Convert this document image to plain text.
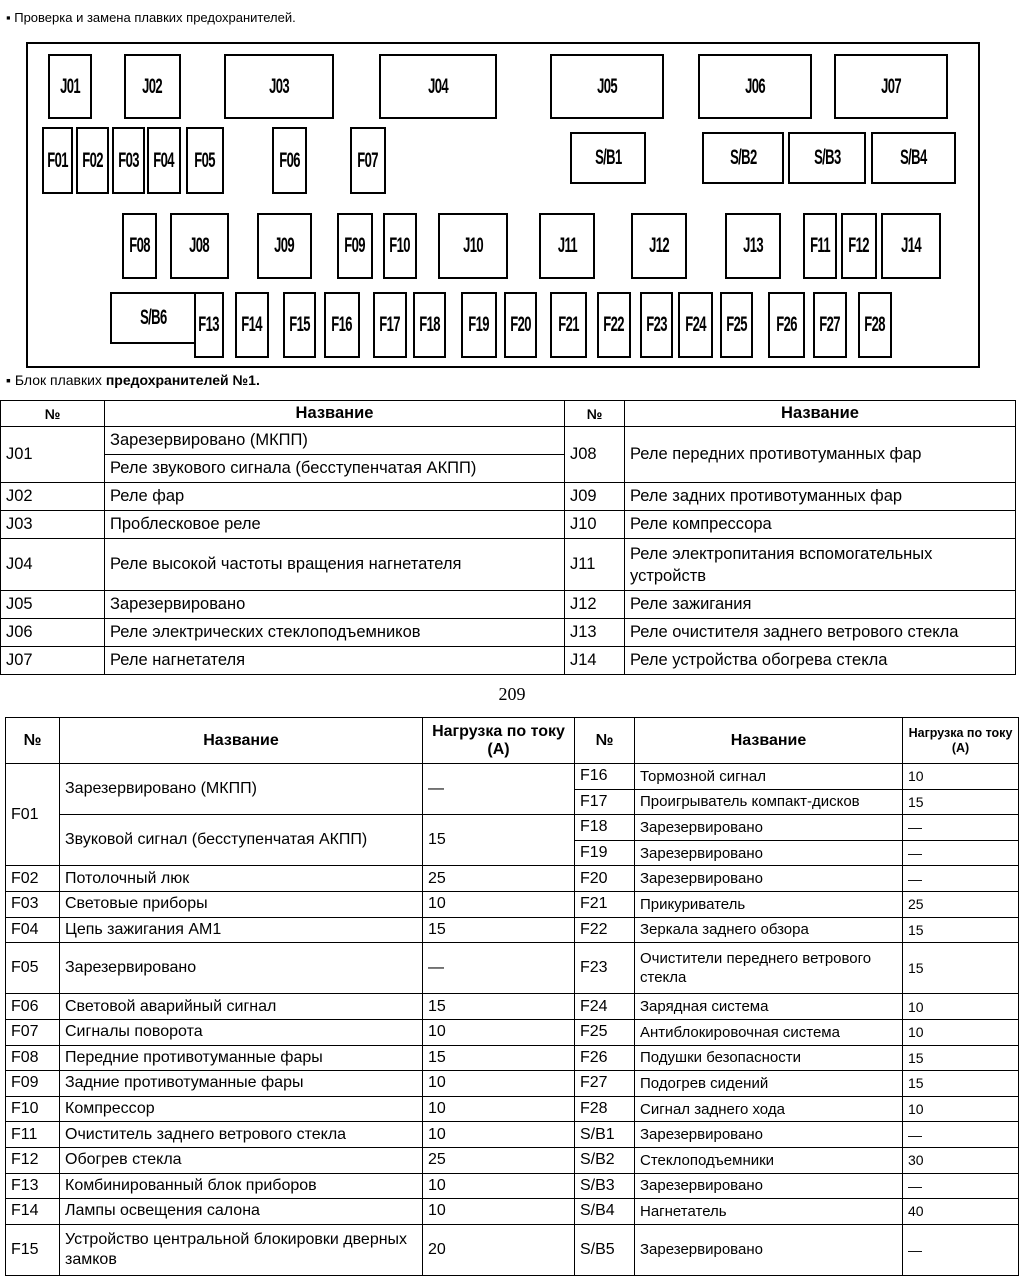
▪ Проверка и замена плавких предохранителей.
J01	J02	J03	J04	J05	J06	J07
F01 F02 F03 F04 F05	F06	F07	S/B1	S/B2	S/B3	S/B4
F08 J08	J09 F09 F10	J10	J11	J12	J13 F11 F12 J14
S/B6 F13 F14 F15 F16 F17 F18 F19 F20 F21 F22 F23 F24 F25 F26 F27 F28
▪ Блок плавких предохранителей №1.
№	Название	№	Название
J01	Зарезервировано (МКПП)	J08	Реле передних противотуманных фар
	Реле звукового сигнала (бесступенчатая АКПП)		
J02	Реле фар	J09	Реле задних противотуманных фар
J03	Проблесковое реле	J10	Реле компрессора
J04	Реле высокой частоты вращения нагнетателя	J11	Реле электропитания вспомогательных устройств
J05	Зарезервировано	J12	Реле зажигания
J06	Реле электрических стеклоподъемников	J13	Реле очистителя заднего ветрового стекла
J07	Реле нагнетателя	J14	Реле устройства обогрева стекла
209
№	Название	Нагрузка по току (А)	№	Название	Нагрузка по току (А)
F01	Зарезервировано (МКПП)	—	F16	Тормозной сигнал	10
			F17	Проигрыватель компакт-дисков	15
	Звуковой сигнал (бесступенчатая АКПП)	15	F18	Зарезервировано	—
			F19	Зарезервировано	—
F02	Потолочный люк	25	F20	Зарезервировано	—
F03	Световые приборы	10	F21	Прикуриватель	25
F04	Цепь зажигания АМ1	15	F22	Зеркала заднего обзора	15
F05	Зарезервировано	—	F23	Очистители переднего ветрового стекла	15

F06	Световой аварийный сигнал	15	F24	Зарядная система	10
F07	Сигналы поворота	10	F25	Антиблокировочная система	10
F08	Передние противотуманные фары	15	F26	Подушки безопасности	15
F09	Задние противотуманные фары	10	F27	Подогрев сидений	15
F10	Компрессор	10	F28	Сигнал заднего хода	10
F11	Очиститель заднего ветрового стекла	10	S/B1	Зарезервировано	—
F12	Обогрев стекла	25	S/B2	Стеклоподъемники	30
F13	Комбинированный блок приборов	10	S/B3	Зарезервировано	—
F14	Лампы освещения салона	10	S/B4	Нагнетатель	40
F15	Устройство центральной блокировки дверных замков	20	S/B5	Зарезервировано	—
